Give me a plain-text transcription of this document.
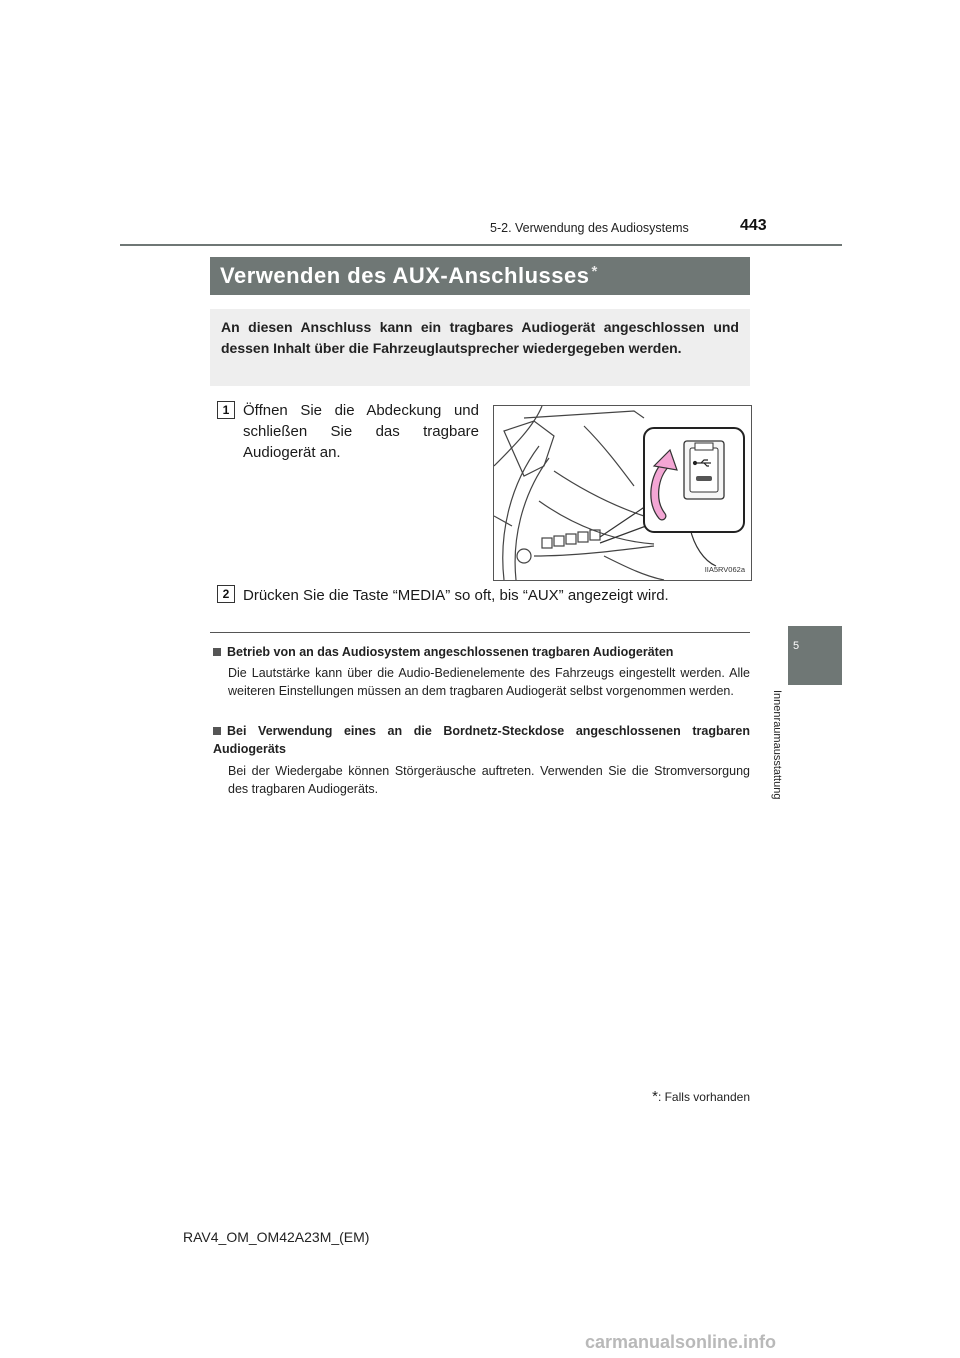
5-2. Verwendung des Audiosystems	443
5
Innenraumausstattung
Verwenden des AUX-Anschlusses *
An diesen Anschluss kann ein tragbares Audiogerät angeschlossen und dessen Inhalt über die Fahrzeuglautsprecher wiedergegeben werden.
1 Öffnen Sie die Abdeckung und schließen Sie das tragbare Audiogerät an.
IIA5RV062a
2 Drücken Sie die Taste “MEDIA” so oft, bis “AUX” angezeigt wird.
Betrieb von an das Audiosystem angeschlossenen tragbaren Audiogeräten
Die Lautstärke kann über die Audio-Bedienelemente des Fahrzeugs eingestellt werden. Alle weiteren Einstellungen müssen an dem tragbaren Audiogerät selbst vorgenommen werden.
Bei Verwendung eines an die Bordnetz-Steckdose angeschlossenen tragbaren Audiogeräts
Bei der Wiedergabe können Störgeräusche auftreten. Verwenden Sie die Stromversorgung des tragbaren Audiogeräts.
*: Falls vorhanden
RAV4_OM_OM42A23M_(EM)
carmanualsonline.info
